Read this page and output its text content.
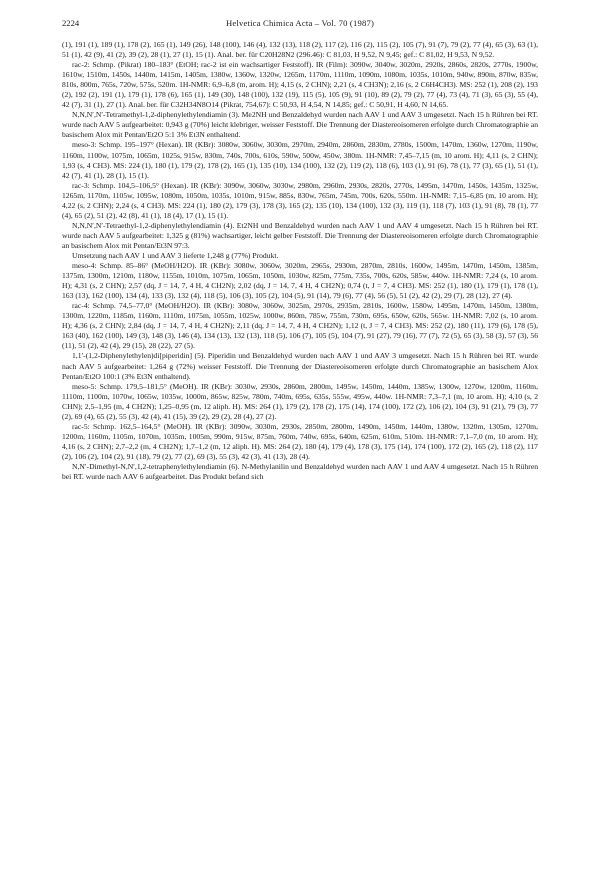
2224	Helvetica Chimica Acta – Vol. 70 (1987)

(1), 191 (1), 189 (1), 178 (2), 165 (1), 149 (26), 148 (100), 146 (4), 132 (13), 118 (2), 117 (2), 116 (2), 115 (2), 105 (7), 91 (7), 79 (2), 77 (4), 65 (3), 63 (1), 51 (1), 42 (9), 41 (2), 39 (2), 28 (1), 27 (1), 15 (1). Anal. ber. für C20H28N2 (296.46): C 81,03, H 9,52, N 9,45; gef.: C 81,02, H 9,53, N 9,52.

rac-2: Schmp. (Pikrat) 180–183° (EtOH; rac-2 ist ein wachsartiger Feststoff). IR (Film): 3090w, 3040w, 3020m, 2920s, 2860s, 2820s, 2770s, 1900w, 1610w, 1510m, 1450s, 1440m, 1415m, 1405m, 1380w, 1360w, 1320w, 1265m, 1170m, 1110m, 1090m, 1080m, 1035s, 1010m, 940w, 890m, 870w, 835w, 810s, 800m, 765s, 720w, 575s, 520m. 1H-NMR: 6,9–6,8 (m, arom. H); 4,15 (s, 2 CHN); 2,21 (s, 4 CH3N); 2,16 (s, 2 C6H4CH3). MS: 252 (1), 208 (2), 193 (2), 192 (2), 191 (1), 179 (1), 178 (6), 165 (1), 149 (30), 148 (100), 132 (19), 115 (5), 105 (9), 91 (10), 89 (2), 79 (2), 77 (4), 73 (4), 71 (3), 65 (3), 55 (4), 42 (7), 31 (1), 27 (1). Anal. ber. für C32H34N8O14 (Pikrat, 754,67): C 50,93, H 4,54, N 14,85; gef.: C 50,91, H 4,60, N 14,65.

N,N,N′,N′-Tetramethyl-1,2-diphenylethylendiamin (3). Me2NH und Benzaldehyd wurden nach AAV 1 und AAV 3 umgesetzt. Nach 15 h Rühren bei RT. wurde nach AAV 5 aufgearbeitet: 0,943 g (70%) leicht klebriger, weisser Feststoff. Die Trennung der Diastereoisomeren erfolgte durch Chromatographie an basischem Alox mit Pentan/Et2O 5:1 3% Et3N enthaltend.

meso-3: Schmp. 195–197° (Hexan). IR (KBr): 3080w, 3060w, 3030m, 2970m, 2940m, 2860m, 2830m, 2780s, 1500m, 1470m, 1360w, 1270m, 1190w, 1160m, 1100w, 1075m, 1065m, 1025s, 915w, 830m, 740s, 700s, 610s, 590w, 500w, 450w, 380m. 1H-NMR: 7,45–7,15 (m, 10 arom. H); 4,11 (s, 2 CHN); 1,93 (s, 4 CH3). MS: 224 (1), 180 (1), 179 (2), 178 (2), 165 (1), 135 (10), 134 (100), 132 (2), 119 (2), 118 (6), 103 (1), 91 (6), 78 (1), 77 (3), 65 (1), 51 (1), 42 (7), 41 (1), 28 (1), 15 (1).

rac-3: Schmp. 104,5–106,5° (Hexan). IR (KBr): 3090w, 3060w, 3030w, 2980m, 2960m, 2930s, 2820s, 2770s, 1495m, 1470m, 1450s, 1435m, 1325w, 1265m, 1170m, 1105w, 1095w, 1080m, 1050m, 1035s, 1010m, 915w, 885s, 830w, 765m, 745m, 700s, 620s, 550m. 1H-NMR: 7,15–6,85 (m, 10 arom. H); 4,22 (s, 2 CHN); 2,24 (s, 4 CH3). MS: 224 (1), 180 (2), 179 (3), 178 (3), 165 (2), 135 (10), 134 (100), 132 (3), 119 (1), 118 (7), 103 (1), 91 (8), 78 (1), 77 (4), 65 (2), 51 (2), 42 (8), 41 (1), 18 (4), 17 (1), 15 (1).

N,N,N′,N′-Tetraethyl-1,2-diphenylethylendiamin (4). Et2NH und Benzaldehyd wurden nach AAV 1 und AAV 4 umgesetzt. Nach 15 h Rühren bei RT. wurde nach AAV 5 aufgearbeitet: 1,325 g (81%) wachsartiger, leicht gelber Feststoff. Die Trennung der Diastereoisomeren erfolgte durch Chromatographie an basischem Alox mit Pentan/Et3N 97:3.

Umsetzung nach AAV 1 und AAV 3 lieferte 1,248 g (77%) Produkt.

meso-4: Schmp. 85–86° (MeOH/H2O). IR (KBr): 3080w, 3060w, 3020m, 2965s, 2930m, 2870m, 2810s, 1600w, 1495m, 1470m, 1450m, 1385m, 1375m, 1300m, 1210m, 1180w, 1155m, 1010m, 1075m, 1065m, 1050m, 1030w, 825m, 775m, 735s, 700s, 620s, 585w, 440w. 1H-NMR: 7,24 (s, 10 arom. H); 4,31 (s, 2 CHN); 2,57 (dq, J = 14, 7, 4 H, 4 CH2N); 2,02 (dq, J = 14, 7, 4 H, 4 CH2N); 0,74 (t, J = 7, 4 CH3). MS: 252 (1), 180 (1), 179 (1), 178 (1), 163 (13), 162 (100), 134 (4), 133 (3), 132 (4), 118 (5), 106 (3), 105 (2), 104 (5), 91 (14), 79 (6), 77 (4), 56 (5), 51 (2), 42 (2), 29 (7), 28 (12), 27 (4).

rac-4: Schmp. 74,5–77,0° (MeOH/H2O). IR (KBr): 3080w, 3060w, 3025m, 2970s, 2935m, 2810s, 1600w, 1580w, 1495m, 1470m, 1450m, 1380m, 1300m, 1220m, 1185m, 1160m, 1110m, 1075m, 1055m, 1025w, 1000w, 860m, 785w, 755m, 730m, 695s, 650w, 620s, 565w. 1H-NMR: 7,02 (s, 10 arom. H); 4,36 (s, 2 CHN); 2,84 (dq, J = 14, 7, 4 H, 4 CH2N); 2,11 (dq, J = 14, 7, 4 H, 4 CH2N); 1,12 (t, J = 7, 4 CH3). MS: 252 (2), 180 (11), 179 (6), 178 (5), 163 (40), 162 (100), 149 (3), 148 (3), 146 (4), 134 (13), 132 (13), 118 (5), 106 (7), 105 (5), 104 (7), 91 (27), 79 (16), 77 (7), 72 (5), 65 (3), 58 (3), 57 (3), 56 (11), 51 (2), 42 (4), 29 (15), 28 (22), 27 (5).

1,1′-(1,2-Diphenylethylen)di[piperidin] (5). Piperidin und Benzaldehyd wurden nach AAV 1 und AAV 3 umgesetzt. Nach 15 h Rühren bei RT. wurde nach AAV 5 aufgearbeitet: 1,264 g (72%) weisser Feststoff. Die Trennung der Diastereoisomeren erfolgte durch Chromatographie an basischem Alox Pentan/Et2O 100:1 (3% Et3N enthaltend).

meso-5: Schmp. 179,5–181,5° (MeOH). IR (KBr): 3030w, 2930s, 2860m, 2800m, 1495w, 1450m, 1440m, 1385w, 1300w, 1270w, 1200m, 1160m, 1110m, 1100m, 1070w, 1065w, 1035w, 1000m, 865w, 825w, 780m, 740m, 695s, 635s, 555w, 495w, 440w. 1H-NMR: 7,3–7,1 (m, 10 arom. H); 4,10 (s, 2 CHN); 2,5–1,95 (m, 4 CH2N); 1,25–0,95 (m, 12 aliph. H). MS: 264 (1), 179 (2), 178 (2), 175 (14), 174 (100), 172 (2), 106 (2), 104 (3), 91 (21), 79 (3), 77 (2), 69 (4), 65 (2), 55 (3), 42 (4), 41 (15), 39 (2), 29 (2), 28 (4), 27 (2).

rac-5: Schmp. 162,5–164,5° (MeOH). IR (KBr): 3090w, 3030m, 2930s, 2850m, 2800m, 1490m, 1450m, 1440m, 1380w, 1320m, 1305m, 1270m, 1200m, 1160m, 1105m, 1070m, 1035m, 1005m, 990m, 915w, 875m, 760m, 740w, 695s, 640m, 625m, 610m, 510m. 1H-NMR: 7,1–7,0 (m, 10 arom. H); 4,16 (s, 2 CHN); 2,7–2,2 (m, 4 CH2N); 1,7–1,2 (m, 12 aliph. H). MS: 264 (2), 180 (4), 179 (4), 178 (3), 175 (14), 174 (100), 172 (2), 165 (2), 118 (2), 117 (2), 106 (2), 104 (2), 91 (18), 79 (2), 77 (2), 69 (3), 55 (3), 42 (3), 41 (13), 28 (4).

N,N′-Dimethyl-N,N′,1,2-tetraphenylethylendiamin (6). N-Methylanilin und Benzaldehyd wurden nach AAV 1 und AAV 4 umgesetzt. Nach 15 h Rühren bei RT. wurde nach AAV 6 aufgearbeitet. Das Produkt befand sich
